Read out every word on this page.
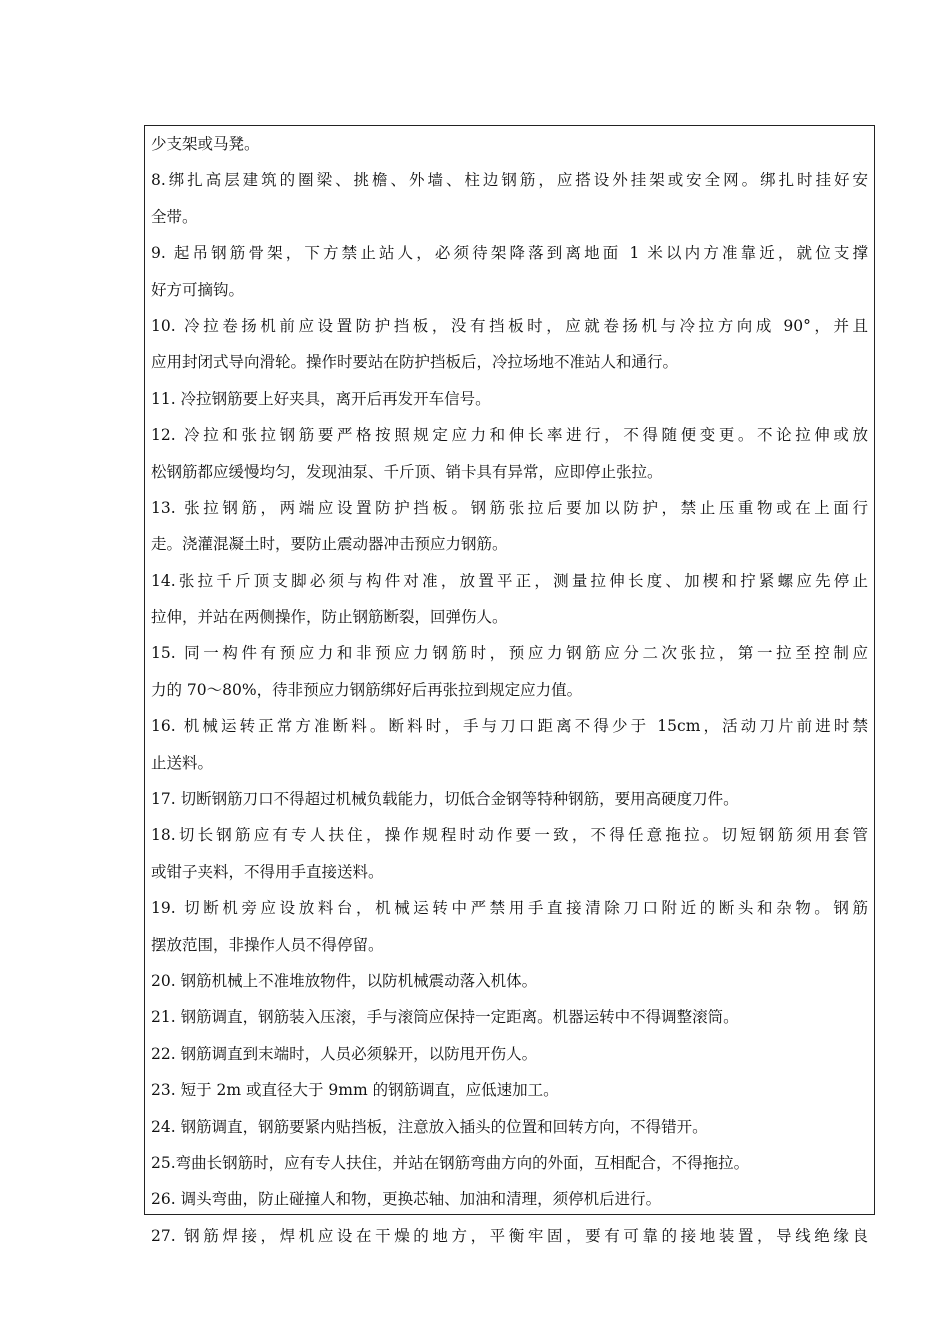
少支架或马凳。
8.绑扎高层建筑的圈梁、挑檐、外墙、柱边钢筋，应搭设外挂架或安全网。绑扎时挂好安
全带。
9. 起吊钢筋骨架，下方禁止站人，必须待架降落到离地面 1 米以内方准靠近，就位支撑
好方可摘钩。
10. 冷拉卷扬机前应设置防护挡板，没有挡板时，应就卷扬机与冷拉方向成 90°，并且
应用封闭式导向滑轮。操作时要站在防护挡板后，冷拉场地不准站人和通行。
11. 冷拉钢筋要上好夹具，离开后再发开车信号。
12. 冷拉和张拉钢筋要严格按照规定应力和伸长率进行，不得随便变更。不论拉伸或放
松钢筋都应缓慢均匀，发现油泵、千斤顶、销卡具有异常，应即停止张拉。
13. 张拉钢筋，两端应设置防护挡板。钢筋张拉后要加以防护，禁止压重物或在上面行
走。浇灌混凝土时，要防止震动器冲击预应力钢筋。
14.张拉千斤顶支脚必须与构件对准，放置平正，测量拉伸长度、加楔和拧紧螺应先停止
拉伸，并站在两侧操作，防止钢筋断裂，回弹伤人。
15. 同一构件有预应力和非预应力钢筋时，预应力钢筋应分二次张拉，第一拉至控制应
力的 70～80%，待非预应力钢筋绑好后再张拉到规定应力值。
16. 机械运转正常方准断料。断料时，手与刀口距离不得少于 15cm，活动刀片前进时禁
止送料。
17. 切断钢筋刀口不得超过机械负载能力，切低合金钢等特种钢筋，要用高硬度刀件。
18.切长钢筋应有专人扶住，操作规程时动作要一致，不得任意拖拉。切短钢筋须用套管
或钳子夹料，不得用手直接送料。
19. 切断机旁应设放料台，机械运转中严禁用手直接清除刀口附近的断头和杂物。钢筋
摆放范围，非操作人员不得停留。
20. 钢筋机械上不准堆放物件，以防机械震动落入机体。
21. 钢筋调直，钢筋装入压滚，手与滚筒应保持一定距离。机器运转中不得调整滚筒。
22. 钢筋调直到末端时，人员必须躲开，以防甩开伤人。
23. 短于 2m 或直径大于 9mm 的钢筋调直，应低速加工。
24. 钢筋调直，钢筋要紧内贴挡板，注意放入插头的位置和回转方向，不得错开。
25.弯曲长钢筋时，应有专人扶住，并站在钢筋弯曲方向的外面，互相配合，不得拖拉。
26. 调头弯曲，防止碰撞人和物，更换芯轴、加油和清理，须停机后进行。
27. 钢筋焊接，焊机应设在干燥的地方，平衡牢固，要有可靠的接地装置，导线绝缘良
